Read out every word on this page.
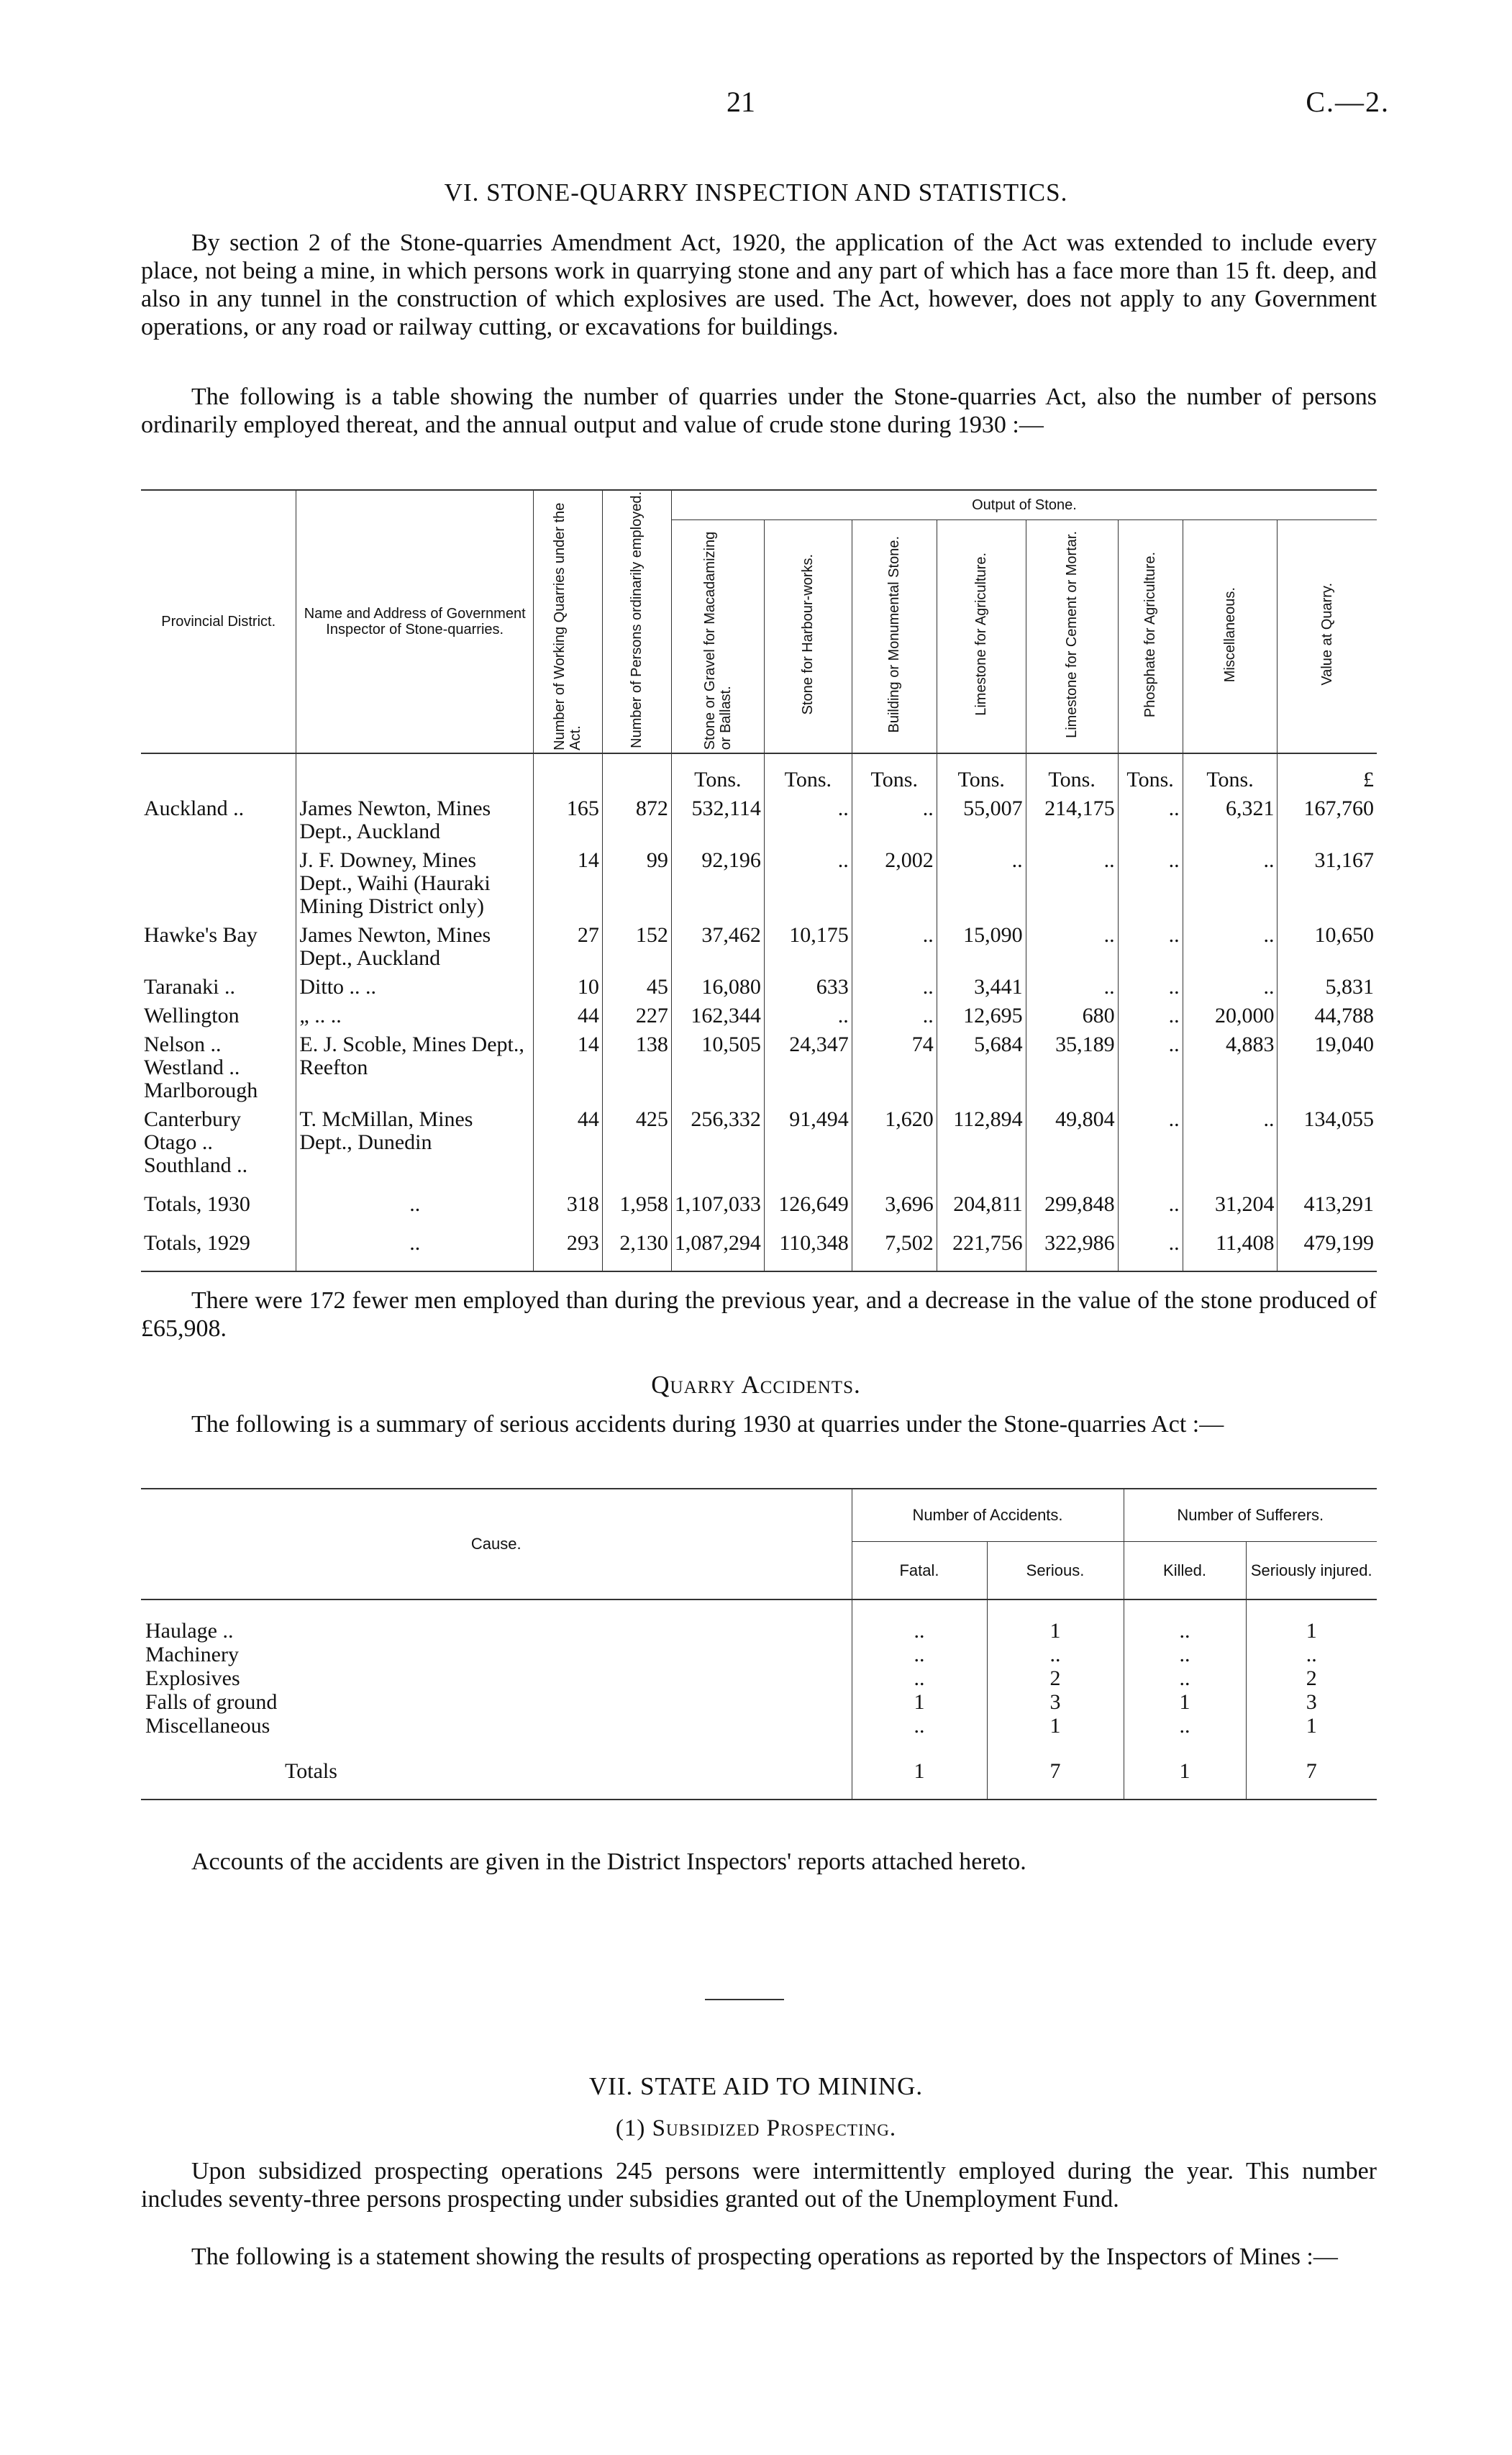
21	C.—2.
VI. STONE-QUARRY INSPECTION AND STATISTICS.
By section 2 of the Stone-quarries Amendment Act, 1920, the application of the Act was extended to include every place, not being a mine, in which persons work in quarrying stone and any part of which has a face more than 15 ft. deep, and also in any tunnel in the construction of which explosives are used. The Act, however, does not apply to any Government operations, or any road or railway cutting, or excavations for buildings.
The following is a table showing the number of quarries under the Stone-quarries Act, also the number of persons ordinarily employed thereat, and the annual output and value of crude stone during 1930 :—
Provincial District.	Name and Address of Government Inspector of Stone-quarries.	Number of Working Quarries under the Act.	Number of Persons ordinarily employed.	Output of Stone.							
				Stone or Gravel for Macadamizing or Ballast.	Stone for Harbour-works.	Building or Monumental Stone.	Limestone for Agriculture.	Limestone for Cement or Mortar.	Phosphate for Agriculture.	Miscellaneous.	Value at Quarry.
				Tons.	Tons.	Tons.	Tons.	Tons.	Tons.	Tons.	£
Auckland ..	James Newton, Mines Dept., Auckland	165	872	532,114	..	..	55,007	214,175	..	6,321	167,760
	J. F. Downey, Mines Dept., Waihi (Hauraki Mining District only)	14	99	92,196	..	2,002	..	..	..	..	31,167
Hawke's Bay	James Newton, Mines Dept., Auckland	27	152	37,462	10,175	..	15,090	..	..	..	10,650
Taranaki ..	Ditto .. ..	10	45	16,080	633	..	3,441	..	..	..	5,831
Wellington	„ .. ..	44	227	162,344	..	..	12,695	680	..	20,000	44,788
Nelson ..
Westland ..
Marlborough	E. J. Scoble, Mines Dept., Reefton	14	138	10,505	24,347	74	5,684	35,189	..	4,883	19,040
Canterbury
Otago ..
Southland ..	T. McMillan, Mines Dept., Dunedin	44	425	256,332	91,494	1,620	112,894	49,804	..	..	134,055
Totals, 1930	..	318	1,958	1,107,033	126,649	3,696	204,811	299,848	..	31,204	413,291
Totals, 1929	..	293	2,130	1,087,294	110,348	7,502	221,756	322,986	..	11,408	479,199
There were 172 fewer men employed than during the previous year, and a decrease in the value of the stone produced of £65,908.
Quarry Accidents.
The following is a summary of serious accidents during 1930 at quarries under the Stone-quarries Act :—
Cause.	Number of Accidents.		Number of Sufferers.	
	Fatal.	Serious.	Killed.	Seriously injured.
Haulage ..	..	1	..	1
Machinery	..	..	..	..
Explosives	..	2	..	2
Falls of ground	1	3	1	3
Miscellaneous	..	1	..	1
Totals	1	7	1	7
Accounts of the accidents are given in the District Inspectors' reports attached hereto.
VII. STATE AID TO MINING.
(1) Subsidized Prospecting.
Upon subsidized prospecting operations 245 persons were intermittently employed during the year. This number includes seventy-three persons prospecting under subsidies granted out of the Unemployment Fund.
The following is a statement showing the results of prospecting operations as reported by the Inspectors of Mines :—
